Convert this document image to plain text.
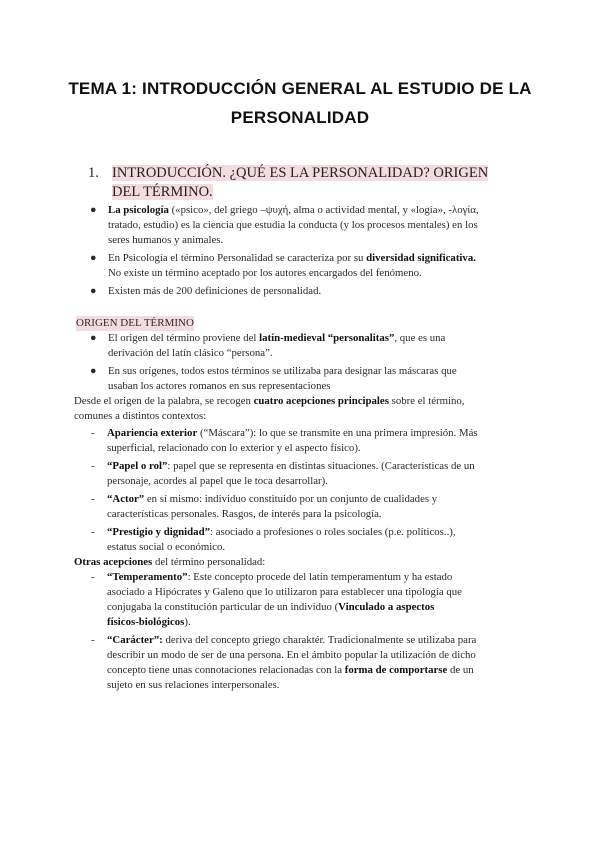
TEMA 1: INTRODUCCIÓN GENERAL AL ESTUDIO DE LA
PERSONALIDAD
1. INTRODUCCIÓN. ¿QUÉ ES LA PERSONALIDAD? ORIGEN
DEL TÉRMINO.
● La psicología («psico», del griego ‒ψυχή, alma o actividad mental, y «logía», -λογία,
tratado, estudio) es la ciencia que estudia la conducta (y los procesos mentales) en los
seres humanos y animales.
● En Psicología el término Personalidad se caracteriza por su diversidad significativa.
No existe un término aceptado por los autores encargados del fenómeno.
● Existen más de 200 definiciones de personalidad.
ORIGEN DEL TÉRMINO
● El origen del término proviene del latín-medieval “personalitas”, que es una
derivación del latín clásico “persona”.
● En sus orígenes, todos estos términos se utilizaba para designar las máscaras que
usaban los actores romanos en sus representaciones
Desde el origen de la palabra, se recogen cuatro acepciones principales sobre el término,
comunes a distintos contextos:
- Apariencia exterior (“Máscara”): lo que se transmite en una primera impresión. Más
superficial, relacionado con lo exterior y el aspecto físico).
- “Papel o rol”: papel que se representa en distintas situaciones. (Características de un
personaje, acordes al papel que le toca desarrollar).
- “Actor” en sí mismo: individuo constituido por un conjunto de cualidades y
características personales. Rasgos, de interés para la psicología.
- “Prestigio y dignidad”: asociado a profesiones o roles sociales (p.e. políticos..),
estatus social o económico.
Otras acepciones del término personalidad:
- “Temperamento”: Este concepto procede del latín temperamentum y ha estado
asociado a Hipócrates y Galeno que lo utilizaron para establecer una tipología que
conjugaba la constitución particular de un individuo (Vinculado a aspectos
físicos-biológicos).
- “Carácter”: deriva del concepto griego charaktér. Tradicionalmente se utilizaba para
describir un modo de ser de una persona. En el ámbito popular la utilización de dicho
concepto tiene unas connotaciones relacionadas con la forma de comportarse de un
sujeto en sus relaciones interpersonales.
